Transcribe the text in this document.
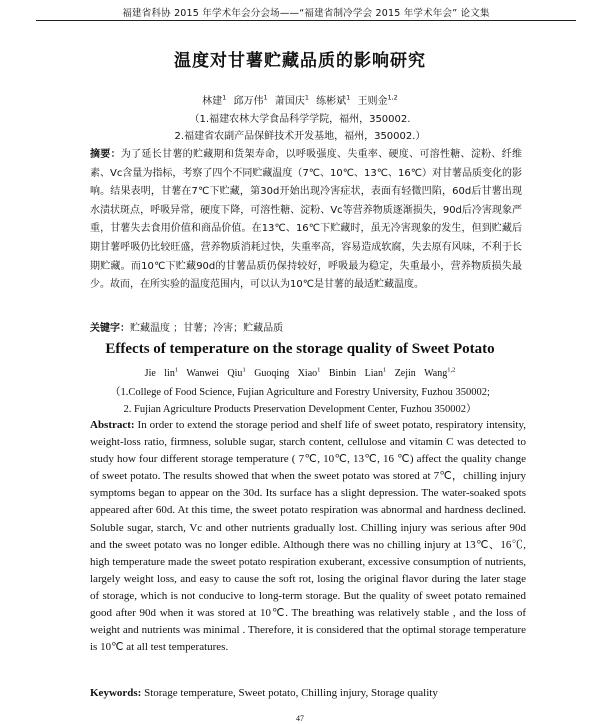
福建省科协 2015 年学术年会分会场——“福建省制冷学会 2015 年学术年会” 论文集
温度对甘薯贮藏品质的影响研究
林建$^1$ 邱万伟$^1$ 萧国庆$^1$ 练彬斌$^1$ 王则金$^{1,2}$
（1.福建农林大学食品科学学院，福州，350002.
2.福建省农副产品保鲜技术开发基地，福州，350002.）
摘要：为了延长甘薯的贮藏期和货架寿命，以呼吸强度、失重率、硬度、可溶性糖、淀粉、纤维素、Vc含量为指标，考察了四个不同贮藏温度（7℃、10℃、13℃、16℃）对甘薯品质变化的影响。结果表明，甘薯在7℃下贮藏，第30d开始出现冷害症状，表面有轻微凹陷，60d后甘薯出现水渍状斑点，呼吸异常，硬度下降，可溶性糖、淀粉、Vc等营养物质逐渐损失，90d后冷害现象严重，甘薯失去食用价值和商品价值。在13℃、16℃下贮藏时，虽无冷害现象的发生，但到贮藏后期甘薯呼吸仍比较旺盛，营养物质消耗过快，失重率高，容易造成软腐，失去原有风味，不利于长期贮藏。而10℃下贮藏90d的甘薯品质仍保持较好，呼吸最为稳定，失重最小，营养物质损失最少。故而，在所实验的温度范围内，可以认为10℃是甘薯的最适贮藏温度。
关键字：贮藏温度 ；甘薯；冷害；贮藏品质
Effects of temperature on the storage quality of Sweet Potato
Jie lin$^1$ Wanwei Qiu$^1$ Guoqing Xiao$^1$ Binbin Lian$^1$ Zejin Wang$^{1,2}$
（1.College of Food Science, Fujian Agriculture and Forestry University, Fuzhou 350002;
2. Fujian Agriculture Products Preservation Development Center, Fuzhou 350002）
Abstract: In order to extend the storage period and shelf life of sweet potato, respiratory intensity, weight-loss ratio, firmness, soluble sugar, starch content, cellulose and vitamin C was detected to study how four different storage temperature ( 7℃, 10℃, 13℃, 16 ℃) affect the quality change of sweet potato. The results showed that when the sweet potato was stored at 7℃，chilling injury symptoms began to appear on the 30d. Its surface has a slight depression. The water-soaked spots appeared after 60d. At this time, the sweet potato respiration was abnormal and hardness declined. Soluble sugar, starch, Vc and other nutrients gradually lost. Chilling injury was serious after 90d and the sweet potato was no longer edible. Although there was no chilling injury at 13℃、16℃, high temperature made the sweet potato respiration exuberant, excessive consumption of nutrients, largely weight loss, and easy to cause the soft rot, losing the original flavor during the later stage of storage, which is not conducive to long-term storage. But the quality of sweet potato remained good after 90d when it was stored at 10℃. The breathing was relatively stable , and the loss of weight and nutrients was minimal . Therefore, it is considered that the optimal storage temperature is 10℃ at all test temperatures.
Keywords: Storage temperature, Sweet potato, Chilling injury, Storage quality
47
